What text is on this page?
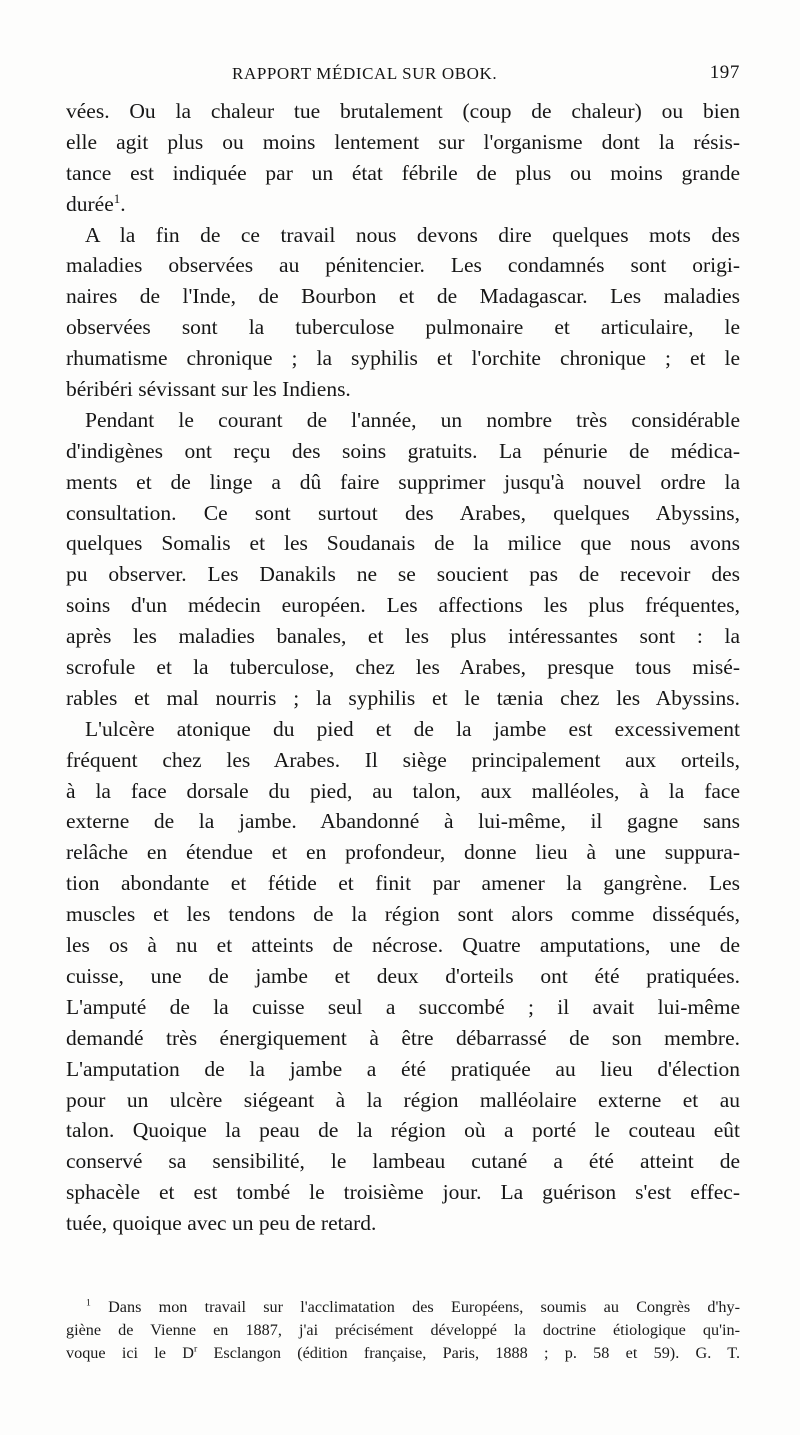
RAPPORT MÉDICAL SUR OBOK.	197
vées. Ou la chaleur tue brutalement (coup de chaleur) ou bien
elle agit plus ou moins lentement sur l'organisme dont la résis-
tance est indiquée par un état fébrile de plus ou moins grande
durée$^1$.
A la fin de ce travail nous devons dire quelques mots des
maladies observées au pénitencier. Les condamnés sont origi-
naires de l'Inde, de Bourbon et de Madagascar. Les maladies
observées sont la tuberculose pulmonaire et articulaire, le
rhumatisme chronique ; la syphilis et l'orchite chronique ; et le
béribéri sévissant sur les Indiens.
Pendant le courant de l'année, un nombre très considérable
d'indigènes ont reçu des soins gratuits. La pénurie de médica-
ments et de linge a dû faire supprimer jusqu'à nouvel ordre la
consultation. Ce sont surtout des Arabes, quelques Abyssins,
quelques Somalis et les Soudanais de la milice que nous avons
pu observer. Les Danakils ne se soucient pas de recevoir des
soins d'un médecin européen. Les affections les plus fréquentes,
après les maladies banales, et les plus intéressantes sont : la
scrofule et la tuberculose, chez les Arabes, presque tous misé-
rables et mal nourris ; la syphilis et le tænia chez les Abyssins.
L'ulcère atonique du pied et de la jambe est excessivement
fréquent chez les Arabes. Il siège principalement aux orteils,
à la face dorsale du pied, au talon, aux malléoles, à la face
externe de la jambe. Abandonné à lui-même, il gagne sans
relâche en étendue et en profondeur, donne lieu à une suppura-
tion abondante et fétide et finit par amener la gangrène. Les
muscles et les tendons de la région sont alors comme disséqués,
les os à nu et atteints de nécrose. Quatre amputations, une de
cuisse, une de jambe et deux d'orteils ont été pratiquées.
L'amputé de la cuisse seul a succombé ; il avait lui-même
demandé très énergiquement à être débarrassé de son membre.
L'amputation de la jambe a été pratiquée au lieu d'élection
pour un ulcère siégeant à la région malléolaire externe et au
talon. Quoique la peau de la région où a porté le couteau eût
conservé sa sensibilité, le lambeau cutané a été atteint de
sphacèle et est tombé le troisième jour. La guérison s'est effec-
tuée, quoique avec un peu de retard.
$^1$ Dans mon travail sur l'acclimatation des Européens, soumis au Congrès d'hy-
giène de Vienne en 1887, j'ai précisément développé la doctrine étiologique qu'in-
voque ici le $D^r$ Esclangon (édition française, Paris, 1888 ; p. 58 et 59). G. T.
